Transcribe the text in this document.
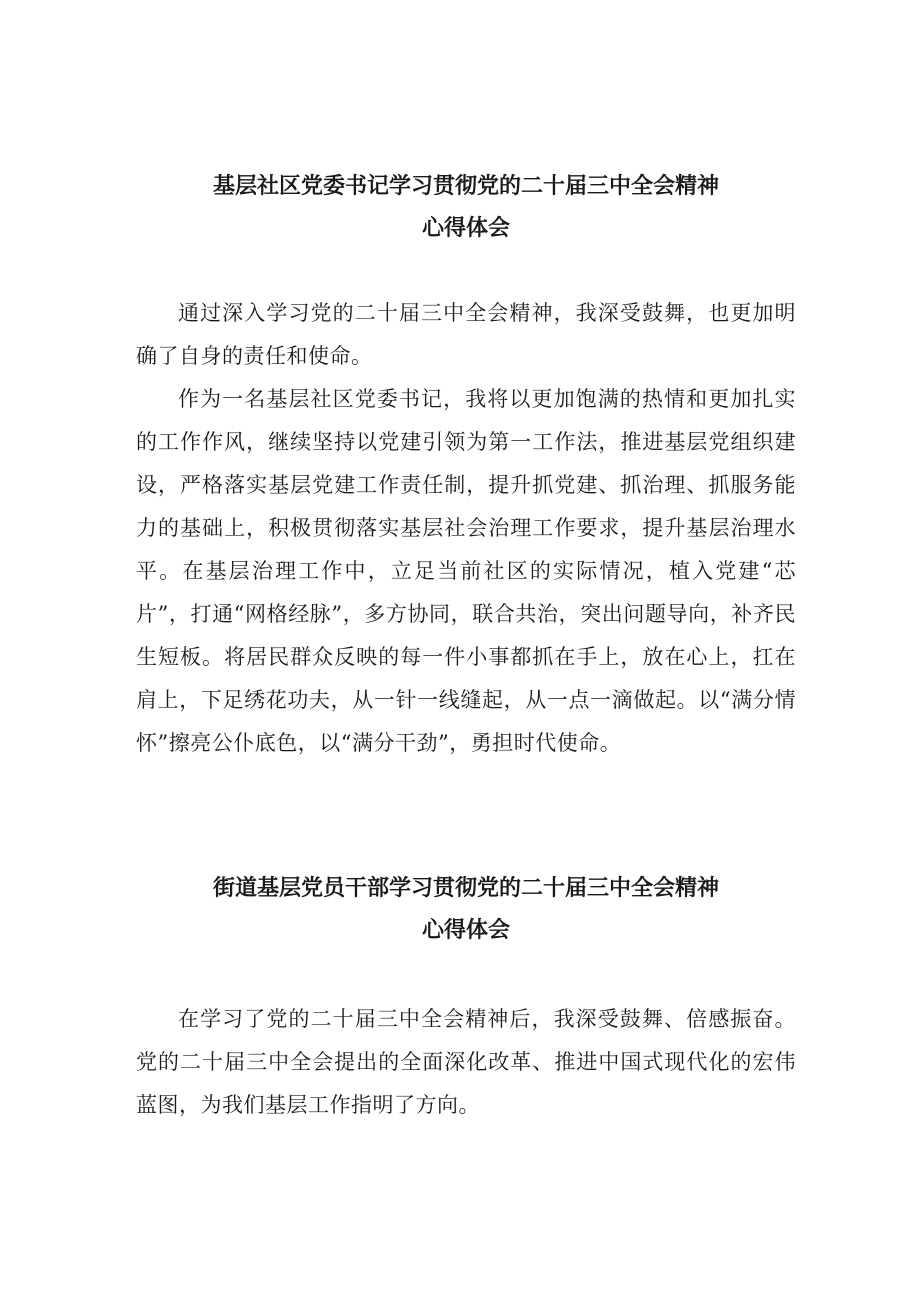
基层社区党委书记学习贯彻党的二十届三中全会精神
心得体会

通过深入学习党的二十届三中全会精神，我深受鼓舞，也更加明确了自身的责任和使命。

作为一名基层社区党委书记，我将以更加饱满的热情和更加扎实的工作作风，继续坚持以党建引领为第一工作法，推进基层党组织建设，严格落实基层党建工作责任制，提升抓党建、抓治理、抓服务能力的基础上，积极贯彻落实基层社会治理工作要求，提升基层治理水平。在基层治理工作中，立足当前社区的实际情况，植入党建“芯片”，打通“网格经脉”，多方协同，联合共治，突出问题导向，补齐民生短板。将居民群众反映的每一件小事都抓在手上，放在心上，扛在肩上，下足绣花功夫，从一针一线缝起，从一点一滴做起。以“满分情怀”擦亮公仆底色，以“满分干劲”，勇担时代使命。

街道基层党员干部学习贯彻党的二十届三中全会精神
心得体会

在学习了党的二十届三中全会精神后，我深受鼓舞、倍感振奋。党的二十届三中全会提出的全面深化改革、推进中国式现代化的宏伟蓝图，为我们基层工作指明了方向。
